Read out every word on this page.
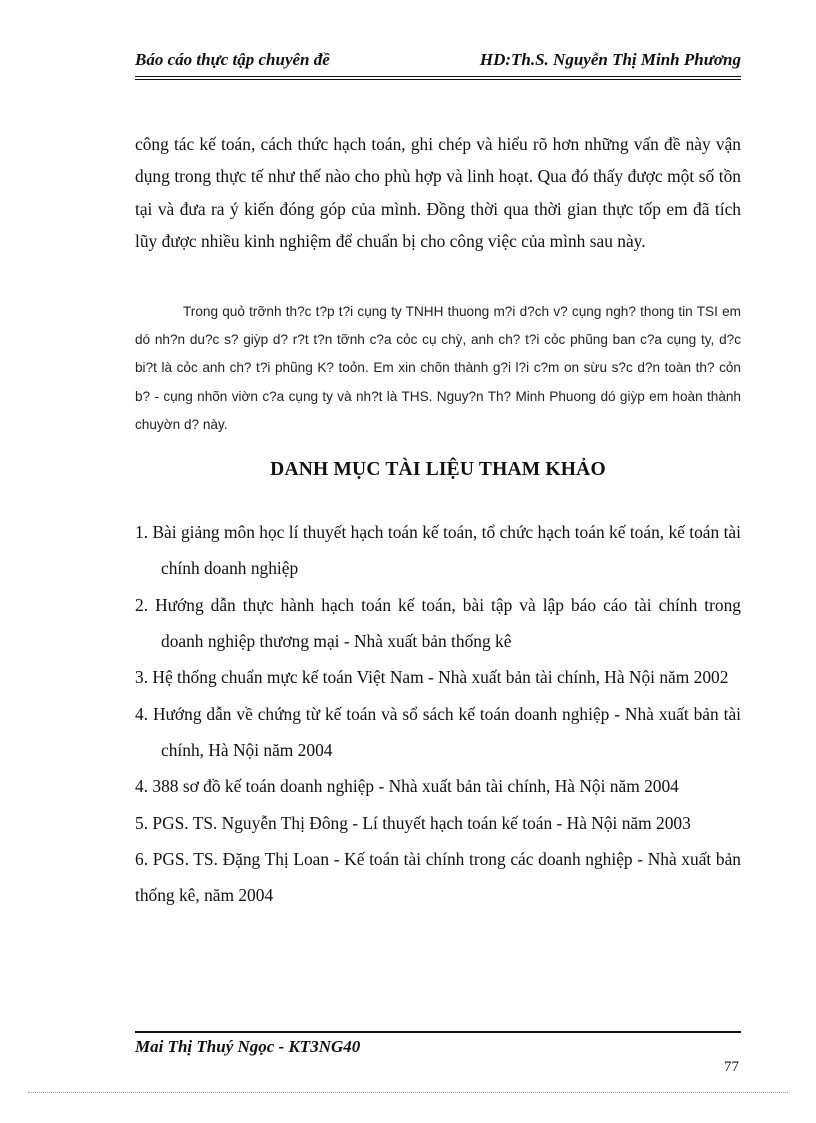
Báo cáo thực tập chuyên đề	HD:Th.S. Nguyễn Thị Minh Phương

công tác kế toán, cách thức hạch toán, ghi chép và hiểu rõ hơn những vấn đề này vận dụng trong thực tế như thế nào cho phù hợp và linh hoạt. Qua đó thấy được một số tồn tại và đưa ra ý kiến đóng góp của mình. Đồng thời qua thời gian thực tốp em đã tích lũy được nhiều kinh nghiệm để chuẩn bị cho công việc của mình sau này.

Trong quỏ trỡnh th?c t?p t?i cụng ty TNHH thuong m?i d?ch v? cụng ngh? thong tin TSI em dó nh?n du?c s? giỳp d? r?t t?n tỡnh c?a cỏc cụ chỳ, anh ch? t?i cỏc phũng ban c?a cụng ty, d?c bi?t là cỏc anh ch? t?i phũng K? toỏn. Em xin chõn thành g?i l?i c?m on sừu s?c d?n toàn th? cỏn b? - cụng nhõn viờn c?a cụng ty và nh?t là THS. Nguy?n Th? Minh Phuong dó giỳp em hoàn thành chuyờn d? này.

DANH MỤC TÀI LIỆU THAM KHẢO
1. Bài giảng môn học lí thuyết hạch toán kế toán, tổ chức hạch toán kế toán, kế toán tài chính doanh nghiệp
2. Hướng dẫn thực hành hạch toán kế toán, bài tập và lập báo cáo tài chính trong doanh nghiệp thương mại - Nhà xuất bản thống kê
3. Hệ thống chuẩn mực kế toán Việt Nam - Nhà xuất bản tài chính, Hà Nội năm 2002
4. Hướng dẫn về chứng từ kế toán và sổ sách kế toán doanh nghiệp - Nhà xuất bản tài chính, Hà Nội năm 2004
4. 388 sơ đồ kế toán doanh nghiệp - Nhà xuất bản tài chính, Hà Nội năm 2004
5. PGS. TS. Nguyễn Thị Đông - Lí thuyết hạch toán kế toán - Hà Nội năm 2003
6. PGS. TS. Đặng Thị Loan - Kế toán tài chính trong các doanh nghiệp - Nhà xuất bản thống kê, năm 2004
Mai Thị Thuý Ngọc - KT3NG40
77
